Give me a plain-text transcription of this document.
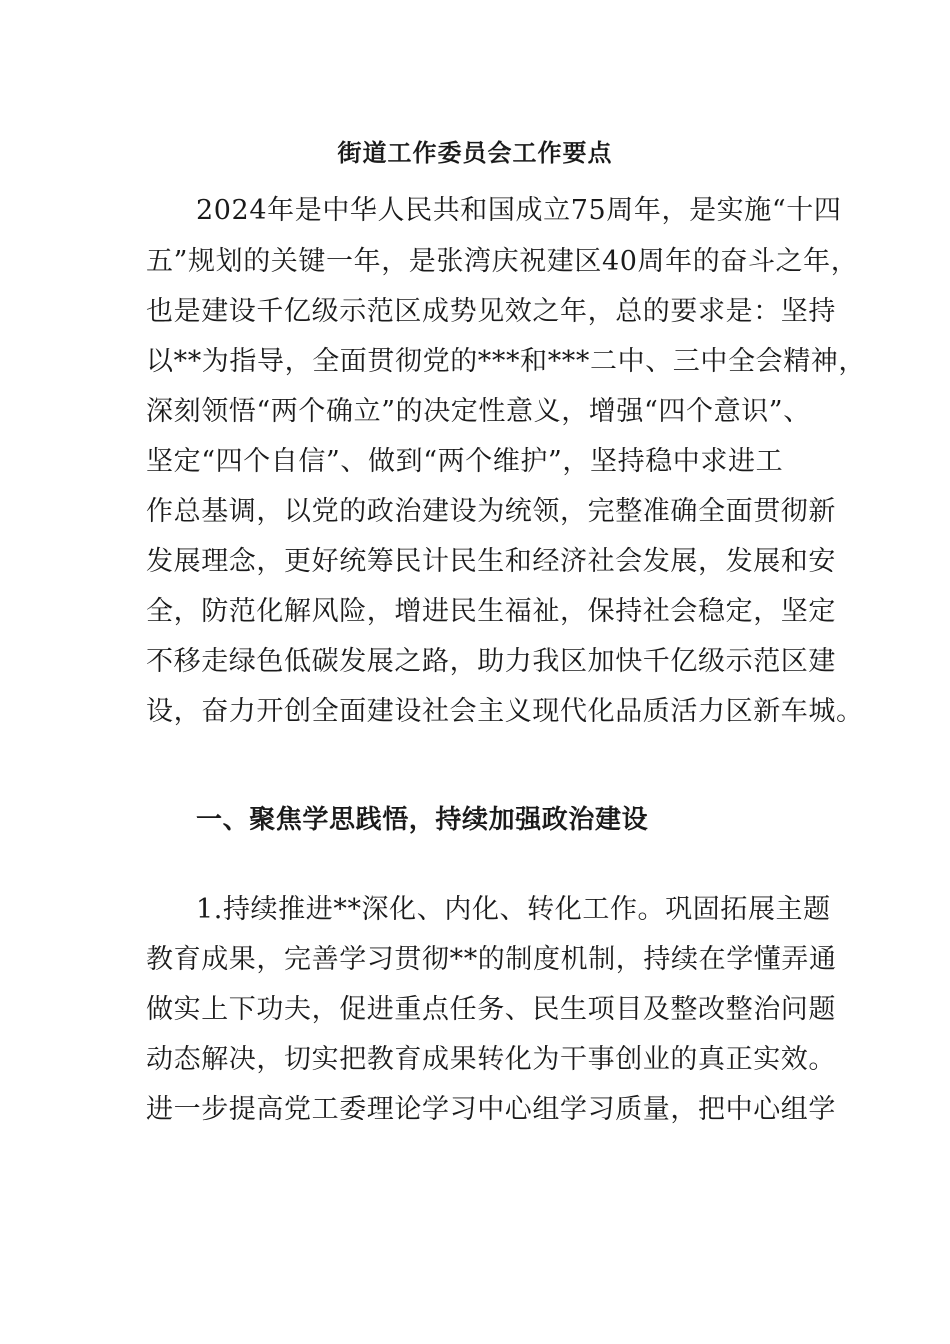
街道工作委员会工作要点
2024年是中华人民共和国成立75周年，是实施“十四
五”规划的关键一年，是张湾庆祝建区40周年的奋斗之年，
也是建设千亿级示范区成势见效之年，总的要求是：坚持
以**为指导，全面贯彻党的***和***二中、三中全会精神，
深刻领悟“两个确立”的决定性意义，增强“四个意识”、
坚定“四个自信”、做到“两个维护”，坚持稳中求进工
作总基调，以党的政治建设为统领，完整准确全面贯彻新
发展理念，更好统筹民计民生和经济社会发展，发展和安
全，防范化解风险，增进民生福祉，保持社会稳定，坚定
不移走绿色低碳发展之路，助力我区加快千亿级示范区建
设，奋力开创全面建设社会主义现代化品质活力区新车城。
一、聚焦学思践悟，持续加强政治建设
1.持续推进**深化、内化、转化工作。巩固拓展主题
教育成果，完善学习贯彻**的制度机制，持续在学懂弄通
做实上下功夫，促进重点任务、民生项目及整改整治问题
动态解决，切实把教育成果转化为干事创业的真正实效。
进一步提高党工委理论学习中心组学习质量，把中心组学
